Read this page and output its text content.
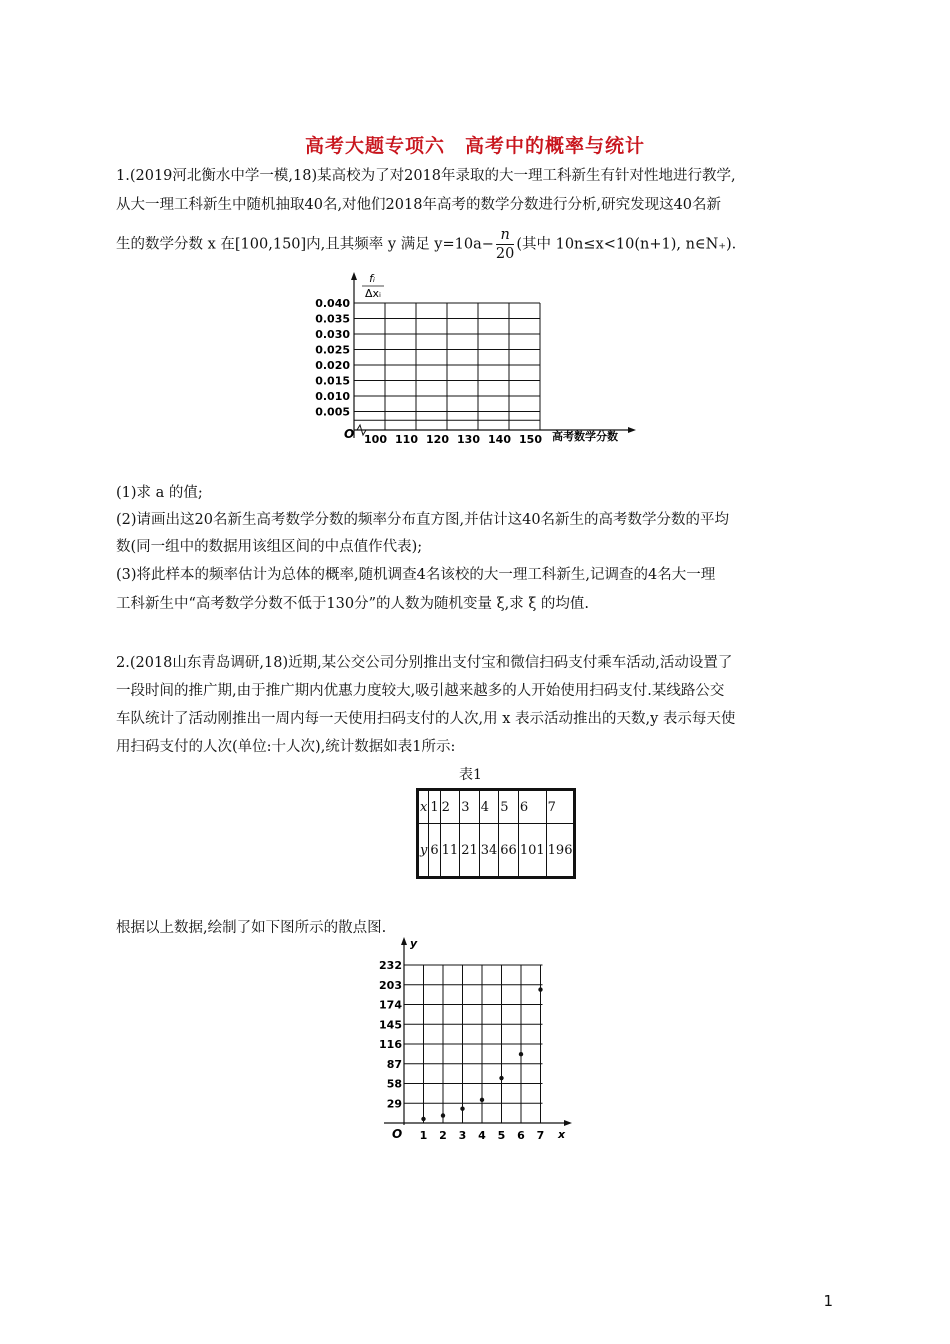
高考大题专项六　高考中的概率与统计
1.(2019河北衡水中学一模,18)某高校为了对2018年录取的大一理工科新生有针对性地进行教学,
从大一理工科新生中随机抽取40名,对他们2018年高考的数学分数进行分析,研究发现这40名新
生的数学分数 x 在[100,150]内,且其频率 y 满足 $y=10a- \frac{n}{20}$ (其中 10n≤x<10(n+1), n∈N₊).
fᵢ
Δxᵢ
0.040
0.035
0.030
0.025
0.020
0.015
0.010
0.005
100 110 120 130 140 150
O	高考数学分数
(1)求 a 的值;
(2)请画出这20名新生高考数学分数的频率分布直方图,并估计这40名新生的高考数学分数的平均
数(同一组中的数据用该组区间的中点值作代表);
(3)将此样本的频率估计为总体的概率,随机调查4名该校的大一理工科新生,记调查的4名大一理
工科新生中“高考数学分数不低于130分”的人数为随机变量 ξ,求 ξ 的均值.
2.(2018山东青岛调研,18)近期,某公交公司分别推出支付宝和微信扫码支付乘车活动,活动设置了
一段时间的推广期,由于推广期内优惠力度较大,吸引越来越多的人开始使用扫码支付.某线路公交
车队统计了活动刚推出一周内每一天使用扫码支付的人次,用 x 表示活动推出的天数,y 表示每天使
用扫码支付的人次(单位:十人次),统计数据如表1所示:
表1
x	1	2	3	4	5	6	7
y	6	11	21	34	66	101	196
根据以上数据,绘制了如下图所示的散点图.
y
x
O
232
203
174
145
116
87
58
29
1 2 3 4 5 6 7
1
